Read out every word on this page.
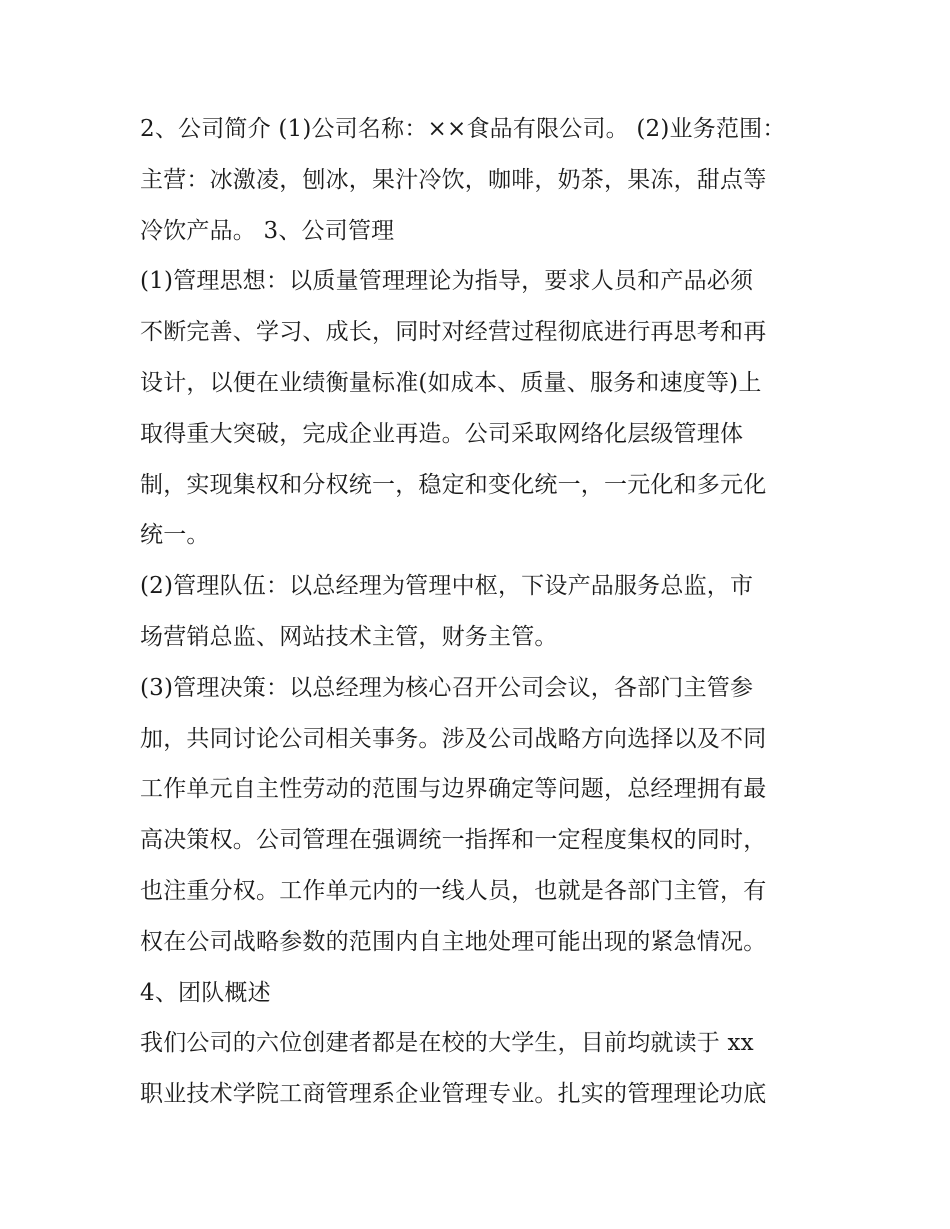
2、公司简介 (1)公司名称：××食品有限公司。 (2)业务范围：
主营：冰激凌，刨冰，果汁冷饮，咖啡，奶茶，果冻，甜点等
冷饮产品。 3、公司管理
(1)管理思想：以质量管理理论为指导，要求人员和产品必须
不断完善、学习、成长，同时对经营过程彻底进行再思考和再
设计，以便在业绩衡量标准(如成本、质量、服务和速度等)上
取得重大突破，完成企业再造。公司采取网络化层级管理体
制，实现集权和分权统一，稳定和变化统一，一元化和多元化
统一。
(2)管理队伍：以总经理为管理中枢，下设产品服务总监，市
场营销总监、网站技术主管，财务主管。
(3)管理决策：以总经理为核心召开公司会议，各部门主管参
加，共同讨论公司相关事务。涉及公司战略方向选择以及不同
工作单元自主性劳动的范围与边界确定等问题，总经理拥有最
高决策权。公司管理在强调统一指挥和一定程度集权的同时，
也注重分权。工作单元内的一线人员，也就是各部门主管，有
权在公司战略参数的范围内自主地处理可能出现的紧急情况。
4、团队概述
我们公司的六位创建者都是在校的大学生，目前均就读于 xx
职业技术学院工商管理系企业管理专业。扎实的管理理论功底
